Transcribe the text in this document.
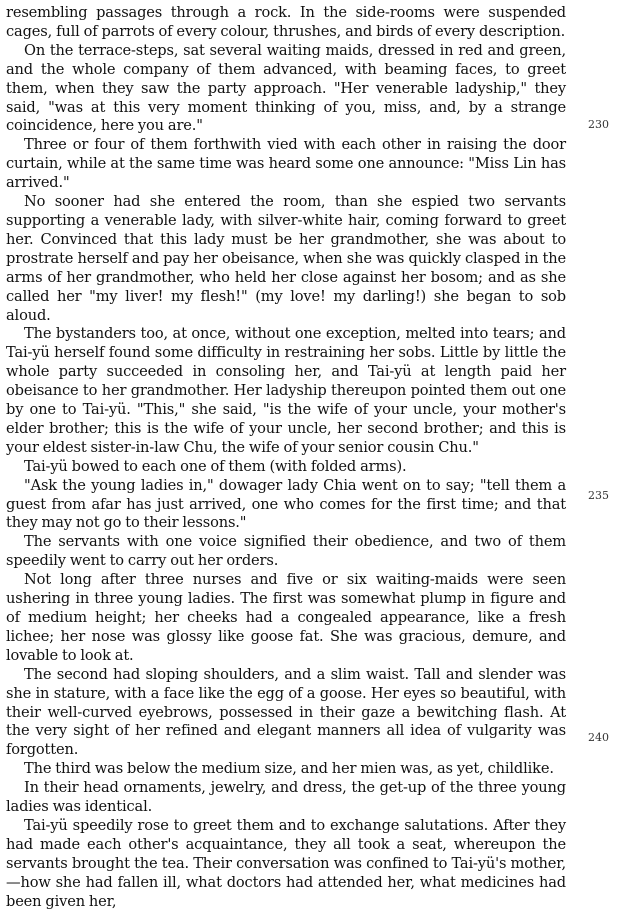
resembling passages through a rock. In the side-rooms were suspended cages, full of parrots of every colour, thrushes, and birds of every description.

On the terrace-steps, sat several waiting maids, dressed in red and green, and the whole company of them advanced, with beaming faces, to greet them, when they saw the party approach. "Her venerable ladyship," they said, "was at this very moment thinking of you, miss, and, by a strange coincidence, here you are."

Three or four of them forthwith vied with each other in raising the door curtain, while at the same time was heard some one announce: "Miss Lin has arrived."

No sooner had she entered the room, than she espied two servants supporting a venerable lady, with silver-white hair, coming forward to greet her. Convinced that this lady must be her grandmother, she was about to prostrate herself and pay her obeisance, when she was quickly clasped in the arms of her grandmother, who held her close against her bosom; and as she called her "my liver! my flesh!" (my love! my darling!) she began to sob aloud.

The bystanders too, at once, without one exception, melted into tears; and Tai-yü herself found some difficulty in restraining her sobs. Little by little the whole party succeeded in consoling her, and Tai-yü at length paid her obeisance to her grandmother. Her ladyship thereupon pointed them out one by one to Tai-yü. "This," she said, "is the wife of your uncle, your mother's elder brother; this is the wife of your uncle, her second brother; and this is your eldest sister-in-law Chu, the wife of your senior cousin Chu."

Tai-yü bowed to each one of them (with folded arms).

"Ask the young ladies in," dowager lady Chia went on to say; "tell them a guest from afar has just arrived, one who comes for the first time; and that they may not go to their lessons."

The servants with one voice signified their obedience, and two of them speedily went to carry out her orders.

Not long after three nurses and five or six waiting-maids were seen ushering in three young ladies. The first was somewhat plump in figure and of medium height; her cheeks had a congealed appearance, like a fresh lichee; her nose was glossy like goose fat. She was gracious, demure, and lovable to look at.

The second had sloping shoulders, and a slim waist. Tall and slender was she in stature, with a face like the egg of a goose. Her eyes so beautiful, with their well-curved eyebrows, possessed in their gaze a bewitching flash. At the very sight of her refined and elegant manners all idea of vulgarity was forgotten.

The third was below the medium size, and her mien was, as yet, childlike.

In their head ornaments, jewelry, and dress, the get-up of the three young ladies was identical.

Tai-yü speedily rose to greet them and to exchange salutations. After they had made each other's acquaintance, they all took a seat, whereupon the servants brought the tea. Their conversation was confined to Tai-yü's mother,—how she had fallen ill, what doctors had attended her, what medicines had been given her,

230
235
240
